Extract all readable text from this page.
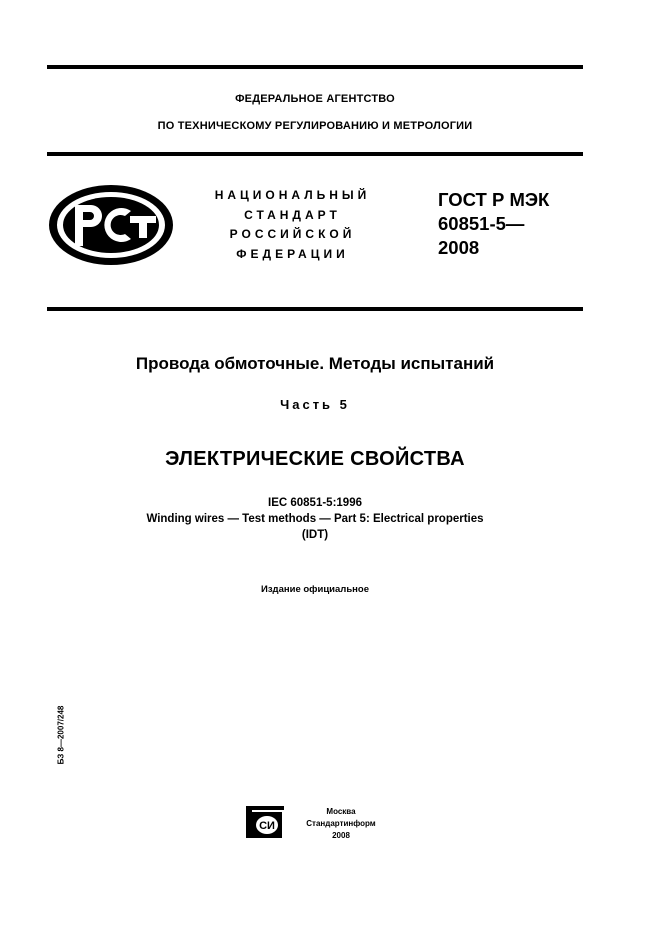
ФЕДЕРАЛЬНОЕ АГЕНТСТВО
ПО ТЕХНИЧЕСКОМУ РЕГУЛИРОВАНИЮ И МЕТРОЛОГИИ
НАЦИОНАЛЬНЫЙ
СТАНДАРТ
РОССИЙСКОЙ
ФЕДЕРАЦИИ
ГОСТ Р МЭК
60851-5—
2008
Провода обмоточные. Методы испытаний
Часть 5
ЭЛЕКТРИЧЕСКИЕ СВОЙСТВА
IEC 60851-5:1996
Winding wires — Test methods — Part 5: Electrical properties
(IDT)
Издание официальное
БЗ 8—2007/248
СИ
Москва
Стандартинформ
2008
